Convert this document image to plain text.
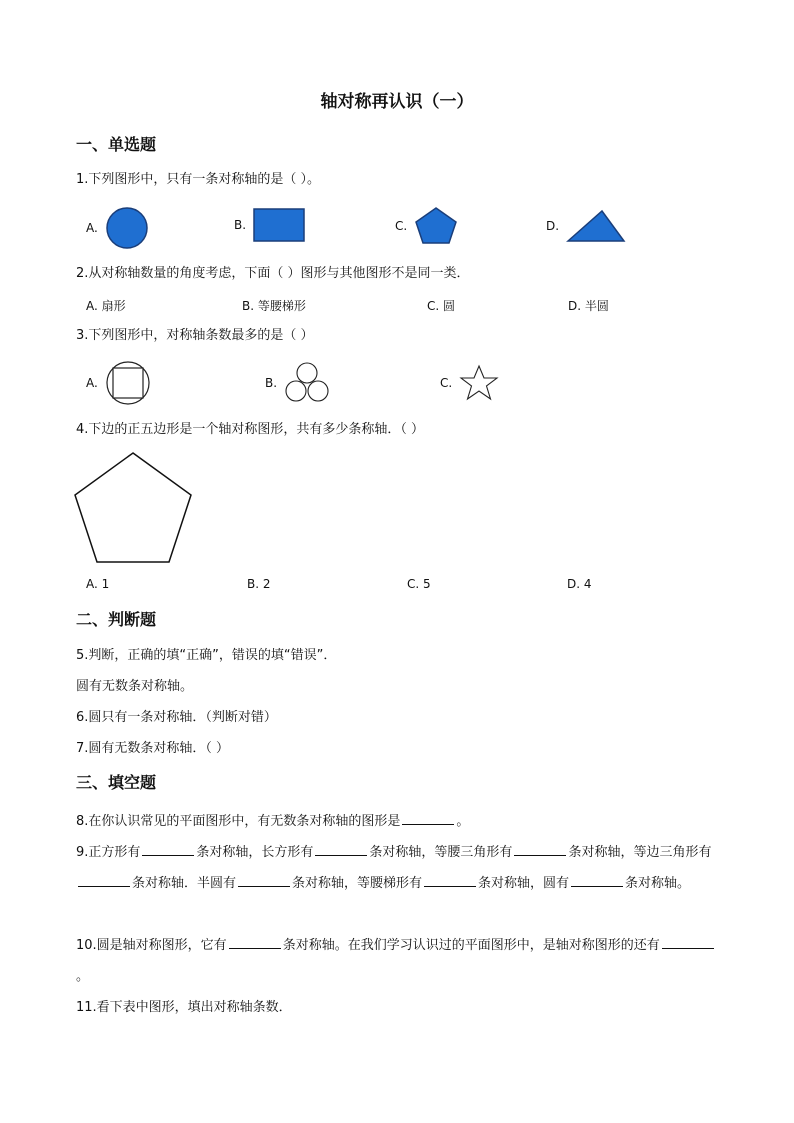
轴对称再认识（一）
一、单选题
1.下列图形中，只有一条对称轴的是（ ）。
A.	B.	C.	D.
2.从对称轴数量的角度考虑，下面（ ）图形与其他图形不是同一类．
A. 扇形	B. 等腰梯形	C. 圆	D. 半圆
3.下列图形中，对称轴条数最多的是（ ）
A.	B.	C.
4.下边的正五边形是一个轴对称图形，共有多少条称轴．（ ）
A. 1	B. 2	C. 5	D. 4
二、判断题
5.判断，正确的填“正确”，错误的填“错误”．
圆有无数条对称轴。
6.圆只有一条对称轴．（判断对错）
7.圆有无数条对称轴．（ ）
三、填空题
8.在你认识常见的平面图形中，有无数条对称轴的图形是	。
9.正方形有	条对称轴，长方形有	条对称轴，等腰三角形有	条对称轴，等边三角形有条对称轴．半圆有	条对称轴，等腰梯形有	条对称轴，圆有	条对称轴。
10.圆是轴对称图形，它有	条对称轴。在我们学习认识过的平面图形中，是轴对称图形的还有。
11.看下表中图形，填出对称轴条数．
